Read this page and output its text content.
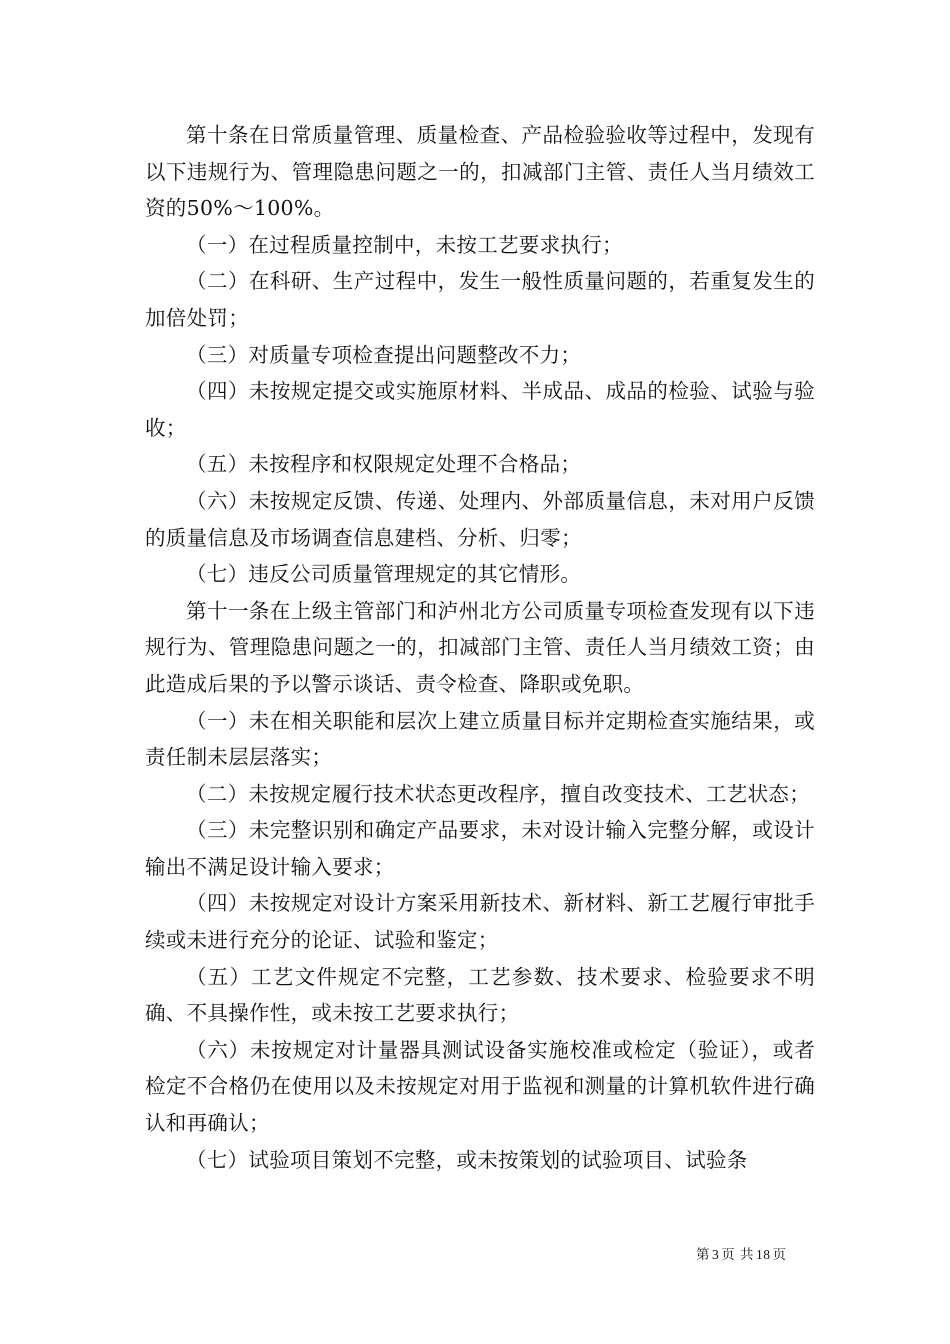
第十条在日常质量管理、质量检查、产品检验验收等过程中，发现有以下违规行为、管理隐患问题之一的，扣减部门主管、责任人当月绩效工资的50%～100%。

（一）在过程质量控制中，未按工艺要求执行；

（二）在科研、生产过程中，发生一般性质量问题的，若重复发生的加倍处罚；

（三）对质量专项检查提出问题整改不力；

（四）未按规定提交或实施原材料、半成品、成品的检验、试验与验收；

（五）未按程序和权限规定处理不合格品；

（六）未按规定反馈、传递、处理内、外部质量信息，未对用户反馈的质量信息及市场调查信息建档、分析、归零；

（七）违反公司质量管理规定的其它情形。

第十一条在上级主管部门和泸州北方公司质量专项检查发现有以下违规行为、管理隐患问题之一的，扣减部门主管、责任人当月绩效工资；由此造成后果的予以警示谈话、责令检查、降职或免职。

（一）未在相关职能和层次上建立质量目标并定期检查实施结果，或责任制未层层落实；

（二）未按规定履行技术状态更改程序，擅自改变技术、工艺状态；

（三）未完整识别和确定产品要求，未对设计输入完整分解，或设计输出不满足设计输入要求；

（四）未按规定对设计方案采用新技术、新材料、新工艺履行审批手续或未进行充分的论证、试验和鉴定；

（五）工艺文件规定不完整，工艺参数、技术要求、检验要求不明确、不具操作性，或未按工艺要求执行；

（六）未按规定对计量器具测试设备实施校准或检定（验证），或者检定不合格仍在使用以及未按规定对用于监视和测量的计算机软件进行确认和再确认；

（七）试验项目策划不完整，或未按策划的试验项目、试验条

第 3 页 共 18 页
